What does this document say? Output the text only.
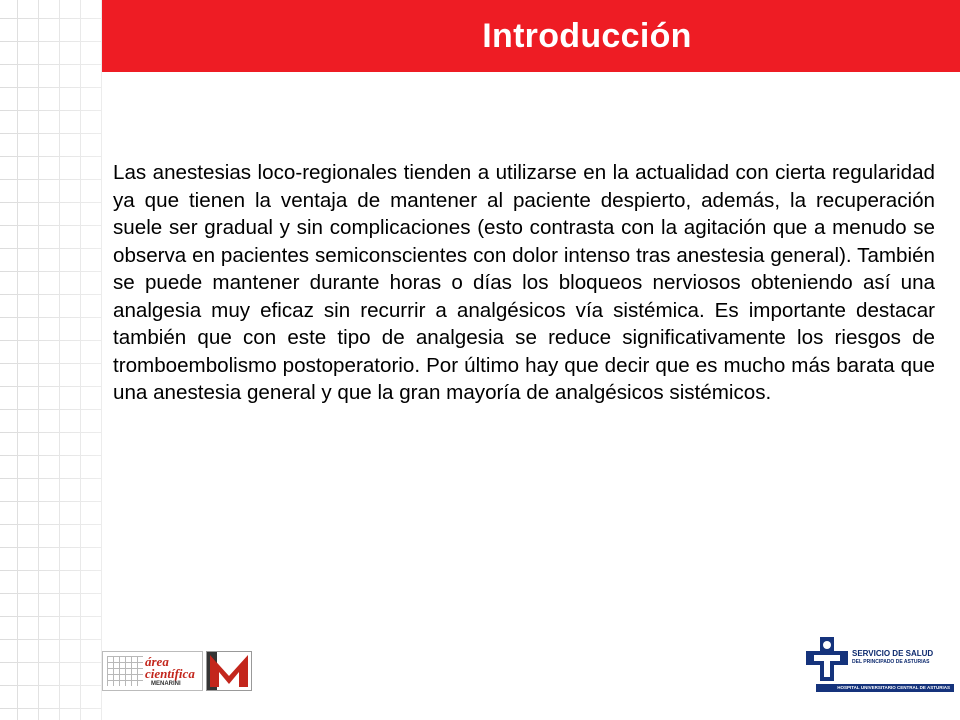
Introducción

Las anestesias loco-regionales tienden a utilizarse en la actualidad con cierta regularidad ya que tienen la ventaja de mantener al paciente despierto, además, la recuperación suele ser gradual y sin complicaciones (esto contrasta con la agitación que a menudo se observa en pacientes semiconscientes con dolor intenso tras anestesia general). También se puede mantener durante horas o días los bloqueos nerviosos obteniendo así una analgesia muy eficaz sin recurrir a analgésicos vía sistémica. Es importante destacar también que con este tipo de analgesia se reduce significativamente los riesgos de tromboembolismo postoperatorio. Por último hay que decir que es mucho más barata que una anestesia general y que la gran mayoría de analgésicos sistémicos.

área
científica
MENARINI
SERVICIO DE SALUD
DEL PRINCIPADO DE ASTURIAS
HOSPITAL UNIVERSITARIO CENTRAL DE ASTURIAS
